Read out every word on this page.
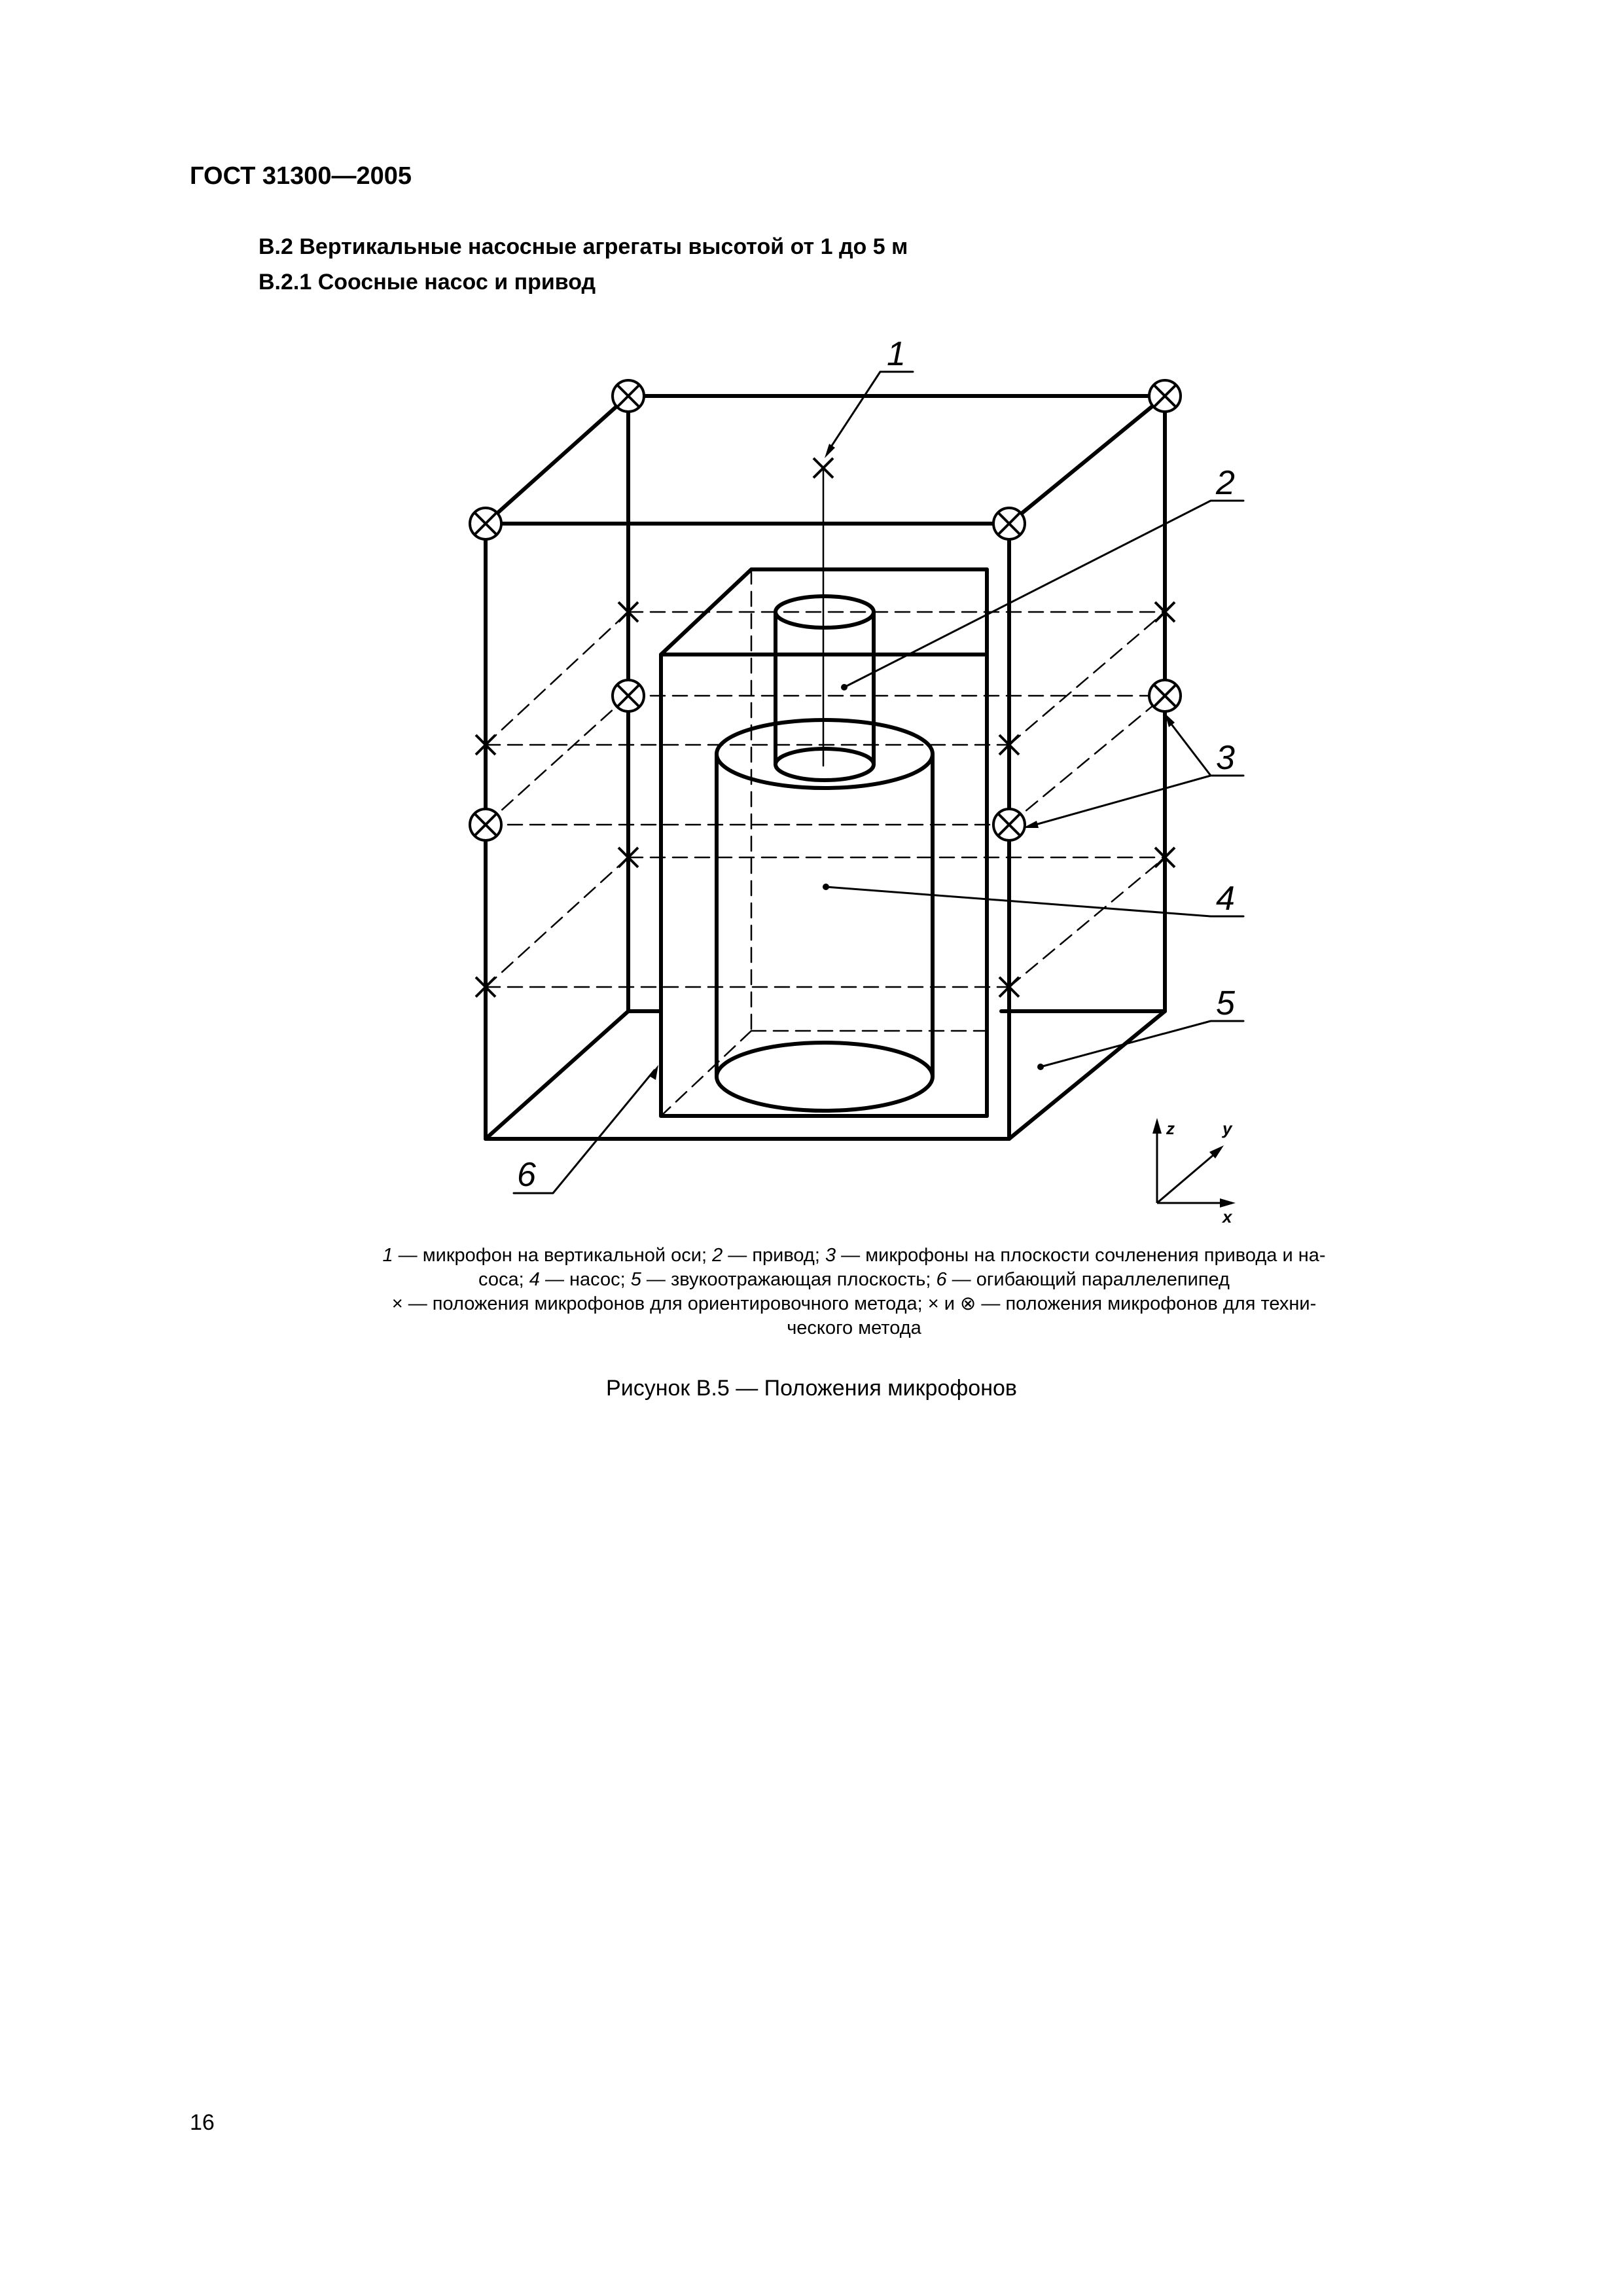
ГОСТ 31300—2005
В.2 Вертикальные насосные агрегаты высотой от 1 до 5 м
В.2.1 Соосные насос и привод
1
2
3
4
5
6
z	y
x
1 — микрофон на вертикальной оси; 2 — привод; 3 — микрофоны на плоскости сочленения привода и на-
соса; 4 — насос; 5 — звукоотражающая плоскость; 6 — огибающий параллелепипед
× — положения микрофонов для ориентировочного метода; × и ⊗ — положения микрофонов для техни-
ческого метода
Рисунок В.5 — Положения микрофонов
16
